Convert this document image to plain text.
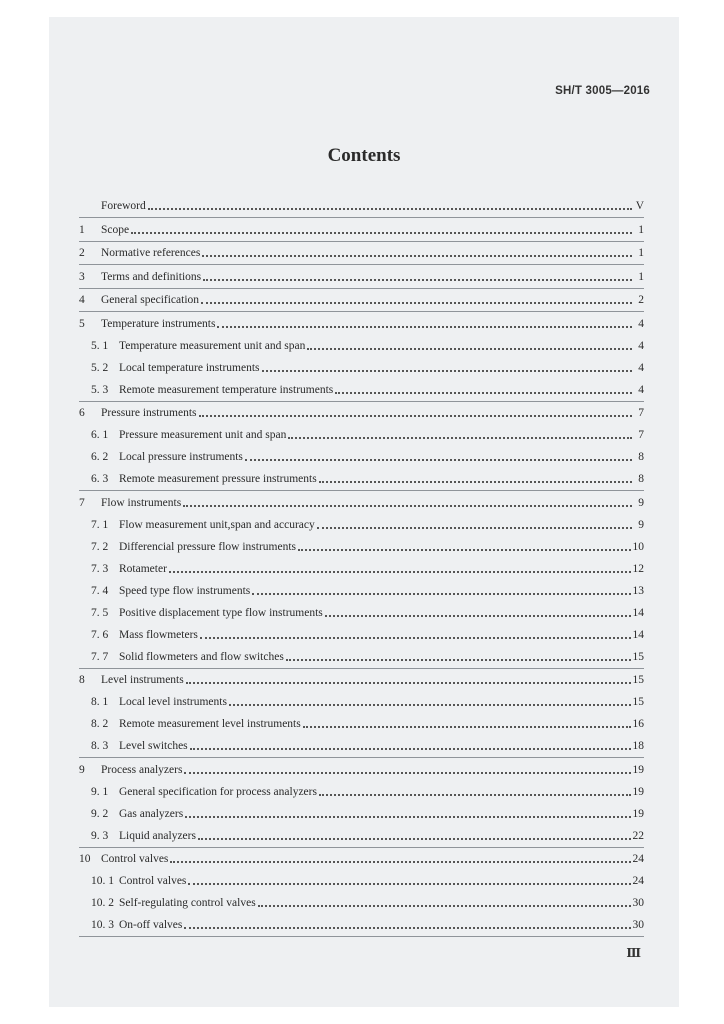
SH/T 3005—2016
Contents
Foreword	V
1	Scope	1
2	Normative references	1
3	Terms and definitions	1
4	General specification	2
5	Temperature instruments	4
5. 1 Temperature measurement unit and span	4
5. 2 Local temperature instruments	4
5. 3 Remote measurement temperature instruments	4
6	Pressure instruments	7
6. 1 Pressure measurement unit and span	7
6. 2 Local pressure instruments	8
6. 3 Remote measurement pressure instruments	8
7	Flow instruments	9
7. 1 Flow measurement unit,span and accuracy	9
7. 2 Differencial pressure flow instruments	10
7. 3 Rotameter	12
7. 4 Speed type flow instruments	13
7. 5 Positive displacement type flow instruments	14
7. 6 Mass flowmeters	14
7. 7 Solid flowmeters and flow switches	15
8	Level instruments	15
8. 1 Local level instruments	15
8. 2 Remote measurement level instruments	16
8. 3 Level switches	18
9	Process analyzers	19
9. 1 General specification for process analyzers	19
9. 2 Gas analyzers	19
9. 3 Liquid analyzers	22
10 Control valves	24
10. 1 Control valves	24
10. 2 Self-regulating control valves	30
10. 3 On-off valves	30
Ⅲ
